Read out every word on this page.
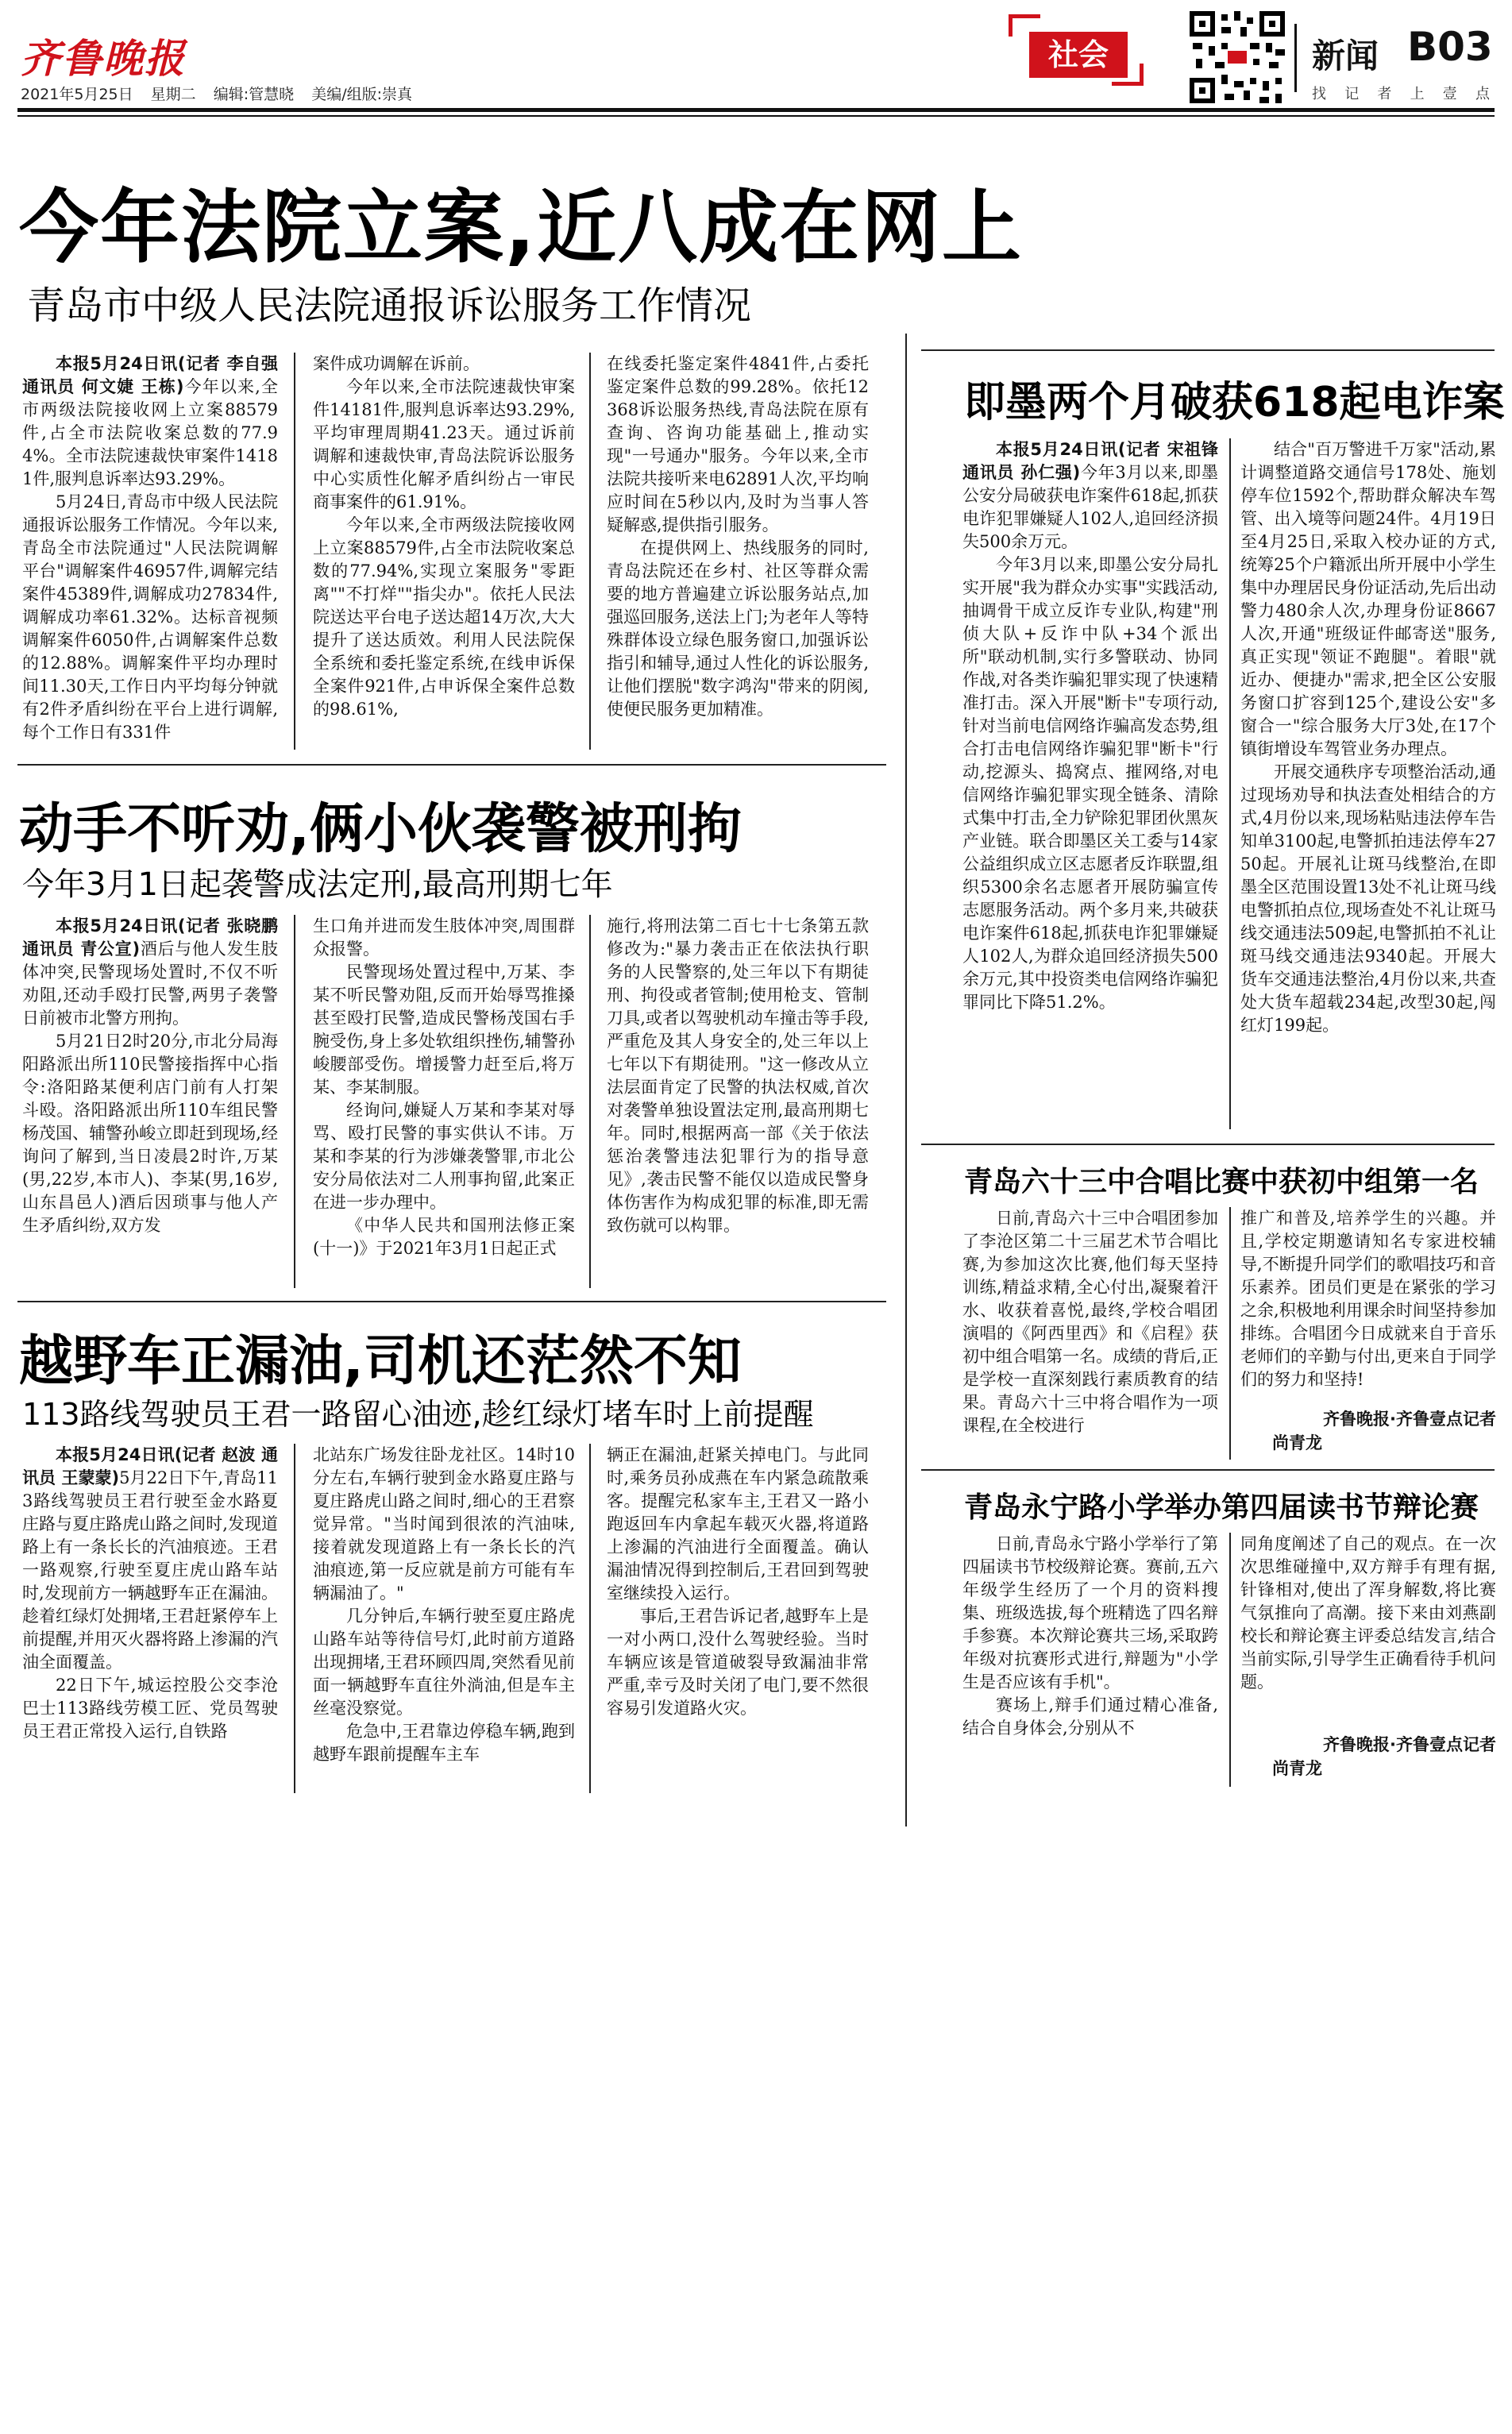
齐鲁晚报
2021年5月25日 星期二 编辑:管慧晓 美编/组版:崇真
社会	新闻 B03
找 记 者 上 壹 点
今年法院立案,近八成在网上
青岛市中级人民法院通报诉讼服务工作情况

本报5月24日讯(记者 李自强 通讯员 何文婕 王栋)今年以来,全市两级法院接收网上立案88579件,占全市法院收案总数的77.94%。全市法院速裁快审案件14181件,服判息诉率达93.29%。

5月24日,青岛市中级人民法院通报诉讼服务工作情况。今年以来,青岛全市法院通过"人民法院调解平台"调解案件46957件,调解完结案件45389件,调解成功27834件,调解成功率61.32%。达标音视频调解案件6050件,占调解案件总数的12.88%。调解案件平均办理时间11.30天,工作日内平均每分钟就有2件矛盾纠纷在平台上进行调解,每个工作日有331件

案件成功调解在诉前。

今年以来,全市法院速裁快审案件14181件,服判息诉率达93.29%,平均审理周期41.23天。通过诉前调解和速裁快审,青岛法院诉讼服务中心实质性化解矛盾纠纷占一审民商事案件的61.91%。

今年以来,全市两级法院接收网上立案88579件,占全市法院收案总数的77.94%,实现立案服务"零距离""不打烊""指尖办"。依托人民法院送达平台电子送达超14万次,大大提升了送达质效。利用人民法院保全系统和委托鉴定系统,在线申诉保全案件921件,占申诉保全案件总数的98.61%,

在线委托鉴定案件4841件,占委托鉴定案件总数的99.28%。依托12368诉讼服务热线,青岛法院在原有查询、咨询功能基础上,推动实现"一号通办"服务。今年以来,全市法院共接听来电62891人次,平均响应时间在5秒以内,及时为当事人答疑解惑,提供指引服务。

在提供网上、热线服务的同时,青岛法院还在乡村、社区等群众需要的地方普遍建立诉讼服务站点,加强巡回服务,送法上门;为老年人等特殊群体设立绿色服务窗口,加强诉讼指引和辅导,通过人性化的诉讼服务,让他们摆脱"数字鸿沟"带来的阴阂,使便民服务更加精准。

动手不听劝,俩小伙袭警被刑拘
今年3月1日起袭警成法定刑,最高刑期七年

本报5月24日讯(记者 张晓鹏 通讯员 青公宣)酒后与他人发生肢体冲突,民警现场处置时,不仅不听劝阻,还动手殴打民警,两男子袭警日前被市北警方刑拘。

5月21日2时20分,市北分局海阳路派出所110民警接指挥中心指令:洛阳路某便利店门前有人打架斗殴。洛阳路派出所110车组民警杨茂国、辅警孙峻立即赶到现场,经询问了解到,当日凌晨2时许,万某(男,22岁,本市人)、李某(男,16岁,山东昌邑人)酒后因琐事与他人产生矛盾纠纷,双方发

生口角并进而发生肢体冲突,周围群众报警。

民警现场处置过程中,万某、李某不听民警劝阻,反而开始辱骂推搡甚至殴打民警,造成民警杨茂国右手腕受伤,身上多处软组织挫伤,辅警孙峻腰部受伤。增援警力赶至后,将万某、李某制服。

经询问,嫌疑人万某和李某对辱骂、殴打民警的事实供认不讳。万某和李某的行为涉嫌袭警罪,市北公安分局依法对二人刑事拘留,此案正在进一步办理中。

《中华人民共和国刑法修正案(十一)》于2021年3月1日起正式

施行,将刑法第二百七十七条第五款修改为:"暴力袭击正在依法执行职务的人民警察的,处三年以下有期徒刑、拘役或者管制;使用枪支、管制刀具,或者以驾驶机动车撞击等手段,严重危及其人身安全的,处三年以上七年以下有期徒刑。"这一修改从立法层面肯定了民警的执法权威,首次对袭警单独设置法定刑,最高刑期七年。同时,根据两高一部《关于依法惩治袭警违法犯罪行为的指导意见》,袭击民警不能仅以造成民警身体伤害作为构成犯罪的标准,即无需致伤就可以构罪。

越野车正漏油,司机还茫然不知
113路线驾驶员王君一路留心油迹,趁红绿灯堵车时上前提醒

本报5月24日讯(记者 赵波 通讯员 王蒙蒙)5月22日下午,青岛113路线驾驶员王君行驶至金水路夏庄路与夏庄路虎山路之间时,发现道路上有一条长长的汽油痕迹。王君一路观察,行驶至夏庄虎山路车站时,发现前方一辆越野车正在漏油。趁着红绿灯处拥堵,王君赶紧停车上前提醒,并用灭火器将路上渗漏的汽油全面覆盖。

22日下午,城运控股公交李沧巴士113路线劳模工匠、党员驾驶员王君正常投入运行,自铁路

北站东广场发往卧龙社区。14时10分左右,车辆行驶到金水路夏庄路与夏庄路虎山路之间时,细心的王君察觉异常。"当时闻到很浓的汽油味,接着就发现道路上有一条长长的汽油痕迹,第一反应就是前方可能有车辆漏油了。"

几分钟后,车辆行驶至夏庄路虎山路车站等待信号灯,此时前方道路出现拥堵,王君环顾四周,突然看见前面一辆越野车直往外淌油,但是车主丝毫没察觉。

危急中,王君靠边停稳车辆,跑到越野车跟前提醒车主车

辆正在漏油,赶紧关掉电门。与此同时,乘务员孙成燕在车内紧急疏散乘客。提醒完私家车主,王君又一路小跑返回车内拿起车载灭火器,将道路上渗漏的汽油进行全面覆盖。确认漏油情况得到控制后,王君回到驾驶室继续投入运行。

事后,王君告诉记者,越野车上是一对小两口,没什么驾驶经验。当时车辆应该是管道破裂导致漏油非常严重,幸亏及时关闭了电门,要不然很容易引发道路火灾。

即墨两个月破获618起电诈案

本报5月24日讯(记者 宋祖锋 通讯员 孙仁强)今年3月以来,即墨公安分局破获电诈案件618起,抓获电诈犯罪嫌疑人102人,追回经济损失500余万元。

今年3月以来,即墨公安分局扎实开展"我为群众办实事"实践活动,抽调骨干成立反诈专业队,构建"刑侦大队+反诈中队+34个派出所"联动机制,实行多警联动、协同作战,对各类诈骗犯罪实现了快速精准打击。深入开展"断卡"专项行动,针对当前电信网络诈骗高发态势,组合打击电信网络诈骗犯罪"断卡"行动,挖源头、捣窝点、摧网络,对电信网络诈骗犯罪实现全链条、清除式集中打击,全力铲除犯罪团伙黑灰产业链。联合即墨区关工委与14家公益组织成立区志愿者反诈联盟,组织5300余名志愿者开展防骗宣传志愿服务活动。两个多月来,共破获电诈案件618起,抓获电诈犯罪嫌疑人102人,为群众追回经济损失500余万元,其中投资类电信网络诈骗犯罪同比下降51.2%。

结合"百万警进千万家"活动,累计调整道路交通信号178处、施划停车位1592个,帮助群众解决车驾管、出入境等问题24件。4月19日至4月25日,采取入校办证的方式,统筹25个户籍派出所开展中小学生集中办理居民身份证活动,先后出动警力480余人次,办理身份证8667人次,开通"班级证件邮寄送"服务,真正实现"领证不跑腿"。着眼"就近办、便捷办"需求,把全区公安服务窗口扩容到125个,建设公安"多窗合一"综合服务大厅3处,在17个镇街增设车驾管业务办理点。

开展交通秩序专项整治活动,通过现场劝导和执法查处相结合的方式,4月份以来,现场粘贴违法停车告知单3100起,电警抓拍违法停车2750起。开展礼让斑马线整治,在即墨全区范围设置13处不礼让斑马线电警抓拍点位,现场查处不礼让斑马线交通违法509起,电警抓拍不礼让斑马线交通违法9340起。开展大货车交通违法整治,4月份以来,共查处大货车超载234起,改型30起,闯红灯199起。

青岛六十三中合唱比赛中获初中组第一名

日前,青岛六十三中合唱团参加了李沧区第二十三届艺术节合唱比赛,为参加这次比赛,他们每天坚持训练,精益求精,全心付出,凝聚着汗水、收获着喜悦,最终,学校合唱团演唱的《阿西里西》和《启程》获初中组合唱第一名。成绩的背后,正是学校一直深刻践行素质教育的结果。青岛六十三中将合唱作为一项课程,在全校进行

推广和普及,培养学生的兴趣。并且,学校定期邀请知名专家进校辅导,不断提升同学们的歌唱技巧和音乐素养。团员们更是在紧张的学习之余,积极地利用课余时间坚持参加排练。合唱团今日成就来自于音乐老师们的辛勤与付出,更来自于同学们的努力和坚持!

齐鲁晚报·齐鲁壹点记者
尚青龙
青岛永宁路小学举办第四届读书节辩论赛

日前,青岛永宁路小学举行了第四届读书节校级辩论赛。赛前,五六年级学生经历了一个月的资料搜集、班级选拔,每个班精选了四名辩手参赛。本次辩论赛共三场,采取跨年级对抗赛形式进行,辩题为"小学生是否应该有手机"。

赛场上,辩手们通过精心准备,结合自身体会,分别从不

同角度阐述了自己的观点。在一次次思维碰撞中,双方辩手有理有据,针锋相对,使出了浑身解数,将比赛气氛推向了高潮。接下来由刘燕副校长和辩论赛主评委总结发言,结合当前实际,引导学生正确看待手机问题。

齐鲁晚报·齐鲁壹点记者
尚青龙
